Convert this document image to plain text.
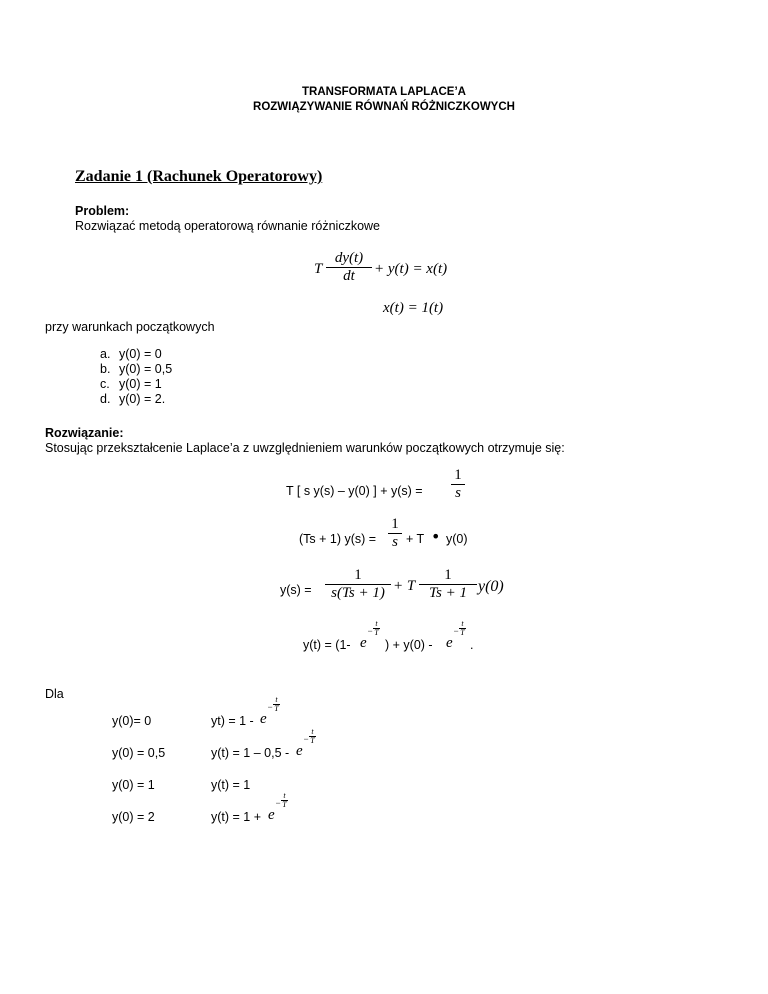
TRANSFORMATA LAPLACE’A
ROZWIĄZYWANIE RÓWNAŃ RÓŻNICZKOWYCH
Zadanie 1 (Rachunek Operatorowy)
Problem:
Rozwiązać metodą operatorową równanie różniczkowe
T
dy(t)
dt	+ y(t) = x(t)
x(t) = 1(t)
przy warunkach początkowych
a. y(0) = 0
b. y(0) = 0,5
c. y(0) = 1
d. y(0) = 2.
Rozwiązanie:
Stosując przekształcenie Laplace’a z uwzględnieniem warunków początkowych otrzymuje się:
T [ s y(s) – y(0) ] + y(s) =
1
s
(Ts + 1) y(s) =
1
s + T • y(0)
y(s) =
1
s(Ts + 1) + T
1
Ts + 1 y(0)
y(t) = (1- e
−
t
T
) + y(0) - e
−
t
T
.
Dla
y(0)= 0	yt) = 1 - e
−
t
T
y(0) = 0,5	y(t) = 1 – 0,5 - e
−
t
T
y(0) = 1	y(t) = 1
y(0) = 2	y(t) = 1 + e
−
t
T
